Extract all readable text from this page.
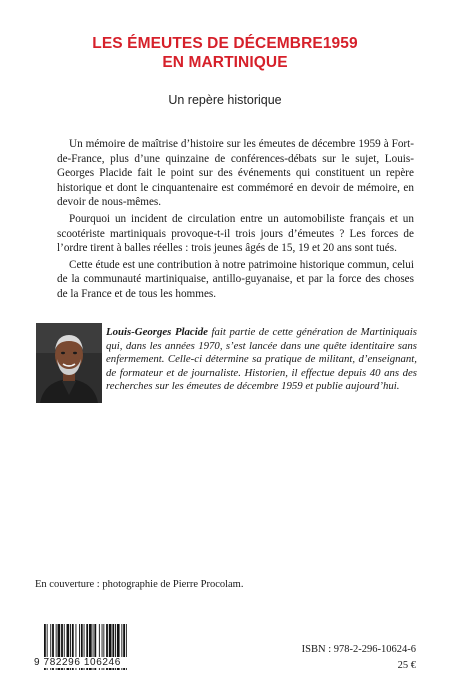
LES ÉMEUTES DE DÉCEMBRE1959
EN MARTINIQUE
Un repère historique

Un mémoire de maîtrise d’histoire sur les émeutes de décembre 1959 à Fort-de-France, plus d’une quinzaine de conférences-débats sur le sujet, Louis-Georges Placide fait le point sur des événements qui constituent un repère historique et dont le cinquantenaire est commémoré en devoir de mémoire, en devoir de nous-mêmes.

Pourquoi un incident de circulation entre un automobiliste français et un scootériste martiniquais provoque-t-il trois jours d’émeutes ? Les forces de l’ordre tirent à balles réelles : trois jeunes âgés de 15, 19 et 20 ans sont tués.

Cette étude est une contribution à notre patrimoine historique commun, celui de la communauté martiniquaise, antillo-guyanaise, et par la force des choses de la France et de tous les hommes.

Louis-Georges Placide fait partie de cette génération de Martiniquais qui, dans les années 1970, s’est lancée dans une quête identitaire sans enfermement. Celle-ci détermine sa pratique de militant, d’enseignant, de formateur et de journaliste. Historien, il effectue depuis 40 ans des recherches sur les émeutes de décembre 1959 et publie aujourd’hui.
En couverture : photographie de Pierre Procolam.
9 782296 106246
ISBN : 978-2-296-10624-6
25 €
